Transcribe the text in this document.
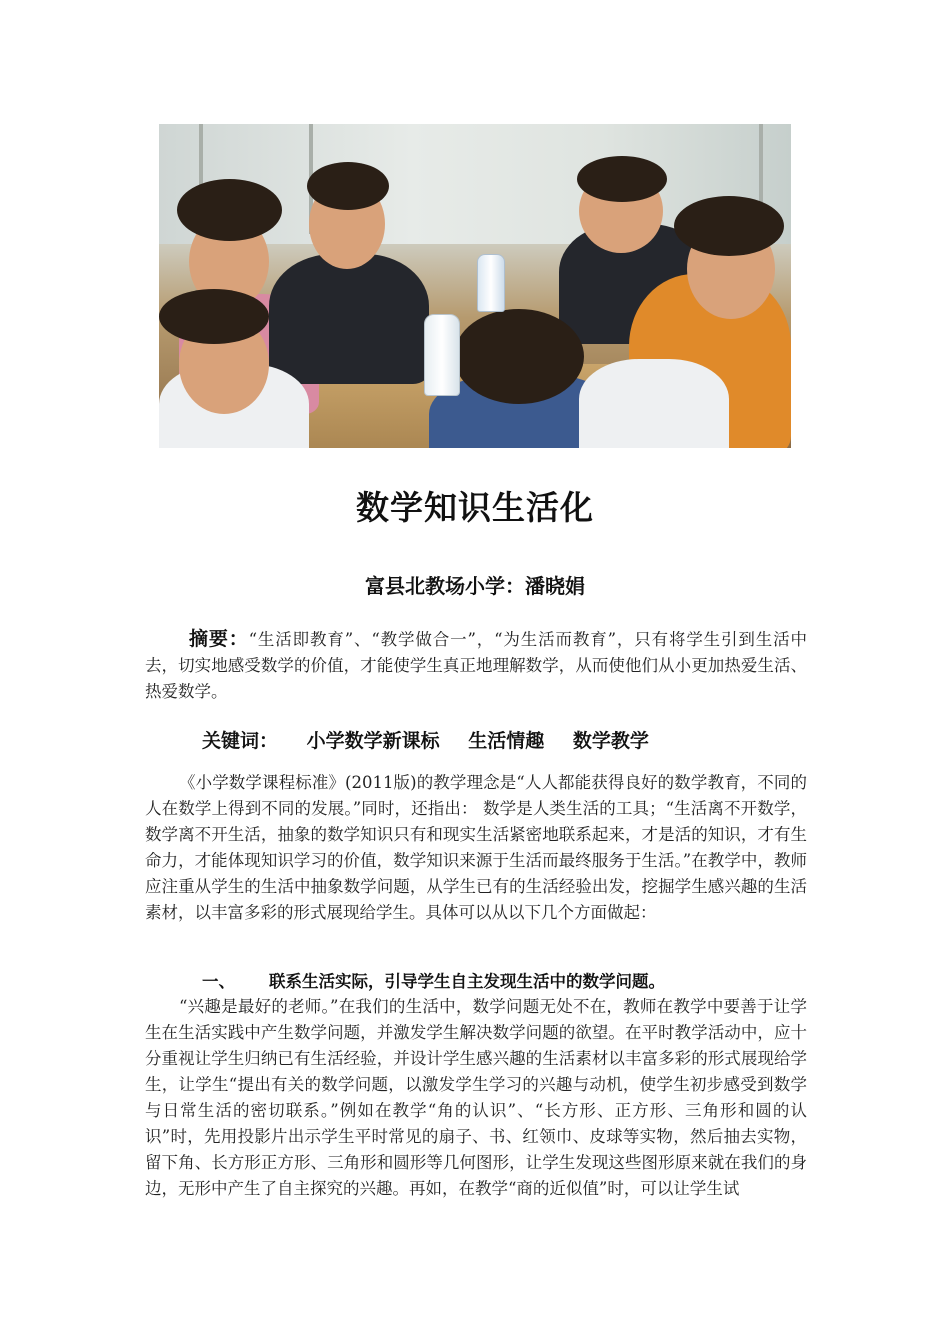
数学知识生活化
富县北教场小学：潘晓娟
摘要：“生活即教育”、“教学做合一”，“为生活而教育”，只有将学生引到生活中去，切实地感受数学的价值，才能使学生真正地理解数学，从而使他们从小更加热爱生活、热爱数学。
关键词： 小学数学新课标 生活情趣 数学教学

《小学数学课程标准》(2011版)的教学理念是“人人都能获得良好的数学教育，不同的人在数学上得到不同的发展。”同时，还指出： 数学是人类生活的工具；“生活离不开数学，数学离不开生活，抽象的数学知识只有和现实生活紧密地联系起来，才是活的知识，才有生命力，才能体现知识学习的价值，数学知识来源于生活而最终服务于生活。”在教学中，教师应注重从学生的生活中抽象数学问题，从学生已有的生活经验出发，挖掘学生感兴趣的生活素材，以丰富多彩的形式展现给学生。具体可以从以下几个方面做起：

一、 联系生活实际，引导学生自主发现生活中的数学问题。

“兴趣是最好的老师。”在我们的生活中，数学问题无处不在，教师在教学中要善于让学生在生活实践中产生数学问题，并激发学生解决数学问题的欲望。在平时教学活动中，应十分重视让学生归纳已有生活经验，并设计学生感兴趣的生活素材以丰富多彩的形式展现给学生，让学生“提出有关的数学问题，以激发学生学习的兴趣与动机，使学生初步感受到数学与日常生活的密切联系。”例如在教学“角的认识”、“长方形、正方形、三角形和圆的认识”时，先用投影片出示学生平时常见的扇子、书、红领巾、皮球等实物，然后抽去实物，留下角、长方形正方形、三角形和圆形等几何图形，让学生发现这些图形原来就在我们的身边，无形中产生了自主探究的兴趣。再如，在教学“商的近似值”时，可以让学生试
